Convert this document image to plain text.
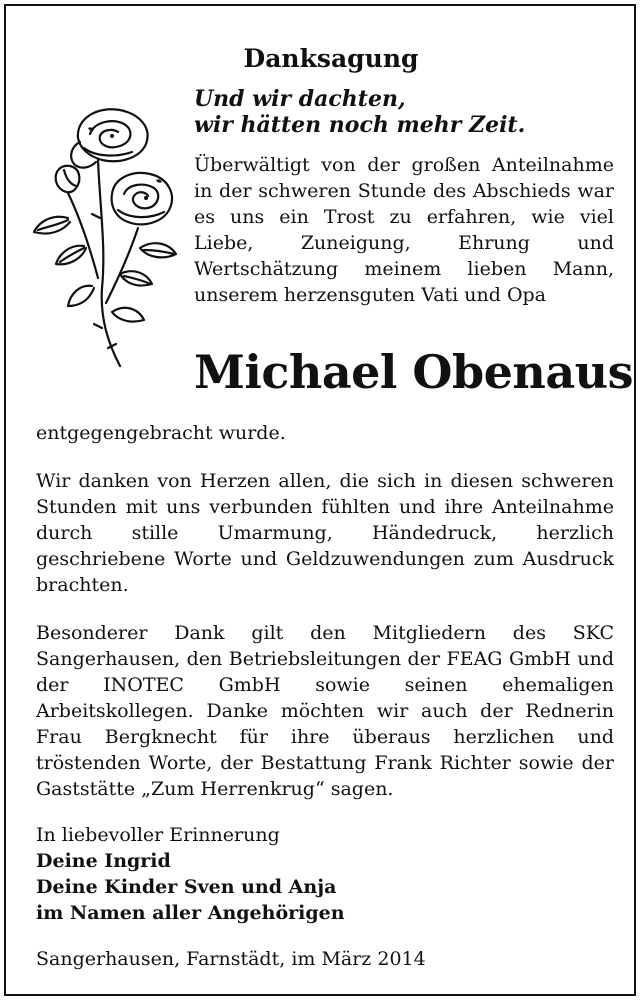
Danksagung
Und wir dachten,
wir hätten noch mehr Zeit.
Überwältigt von der großen Anteilnahme in der schweren Stunde des Abschieds war es uns ein Trost zu erfahren, wie viel Liebe, Zuneigung, Ehrung und Wertschätzung meinem lieben Mann, unserem herzensguten Vati und Opa
Michael Obenaus
entgegengebracht wurde.
Wir danken von Herzen allen, die sich in diesen schweren Stunden mit uns verbunden fühlten und ihre Anteilnahme durch stille Umarmung, Händedruck, herzlich geschriebene Worte und Geldzuwendungen zum Ausdruck brachten.
Besonderer Dank gilt den Mitgliedern des SKC Sangerhausen, den Betriebsleitungen der FEAG GmbH und der INOTEC GmbH sowie seinen ehemaligen Arbeitskollegen. Danke möchten wir auch der Rednerin Frau Bergknecht für ihre überaus herzlichen und tröstenden Worte, der Bestattung Frank Richter sowie der Gaststätte „Zum Herrenkrug“ sagen.
In liebevoller Erinnerung
Deine Ingrid
Deine Kinder Sven und Anja
im Namen aller Angehörigen
Sangerhausen, Farnstädt, im März 2014
